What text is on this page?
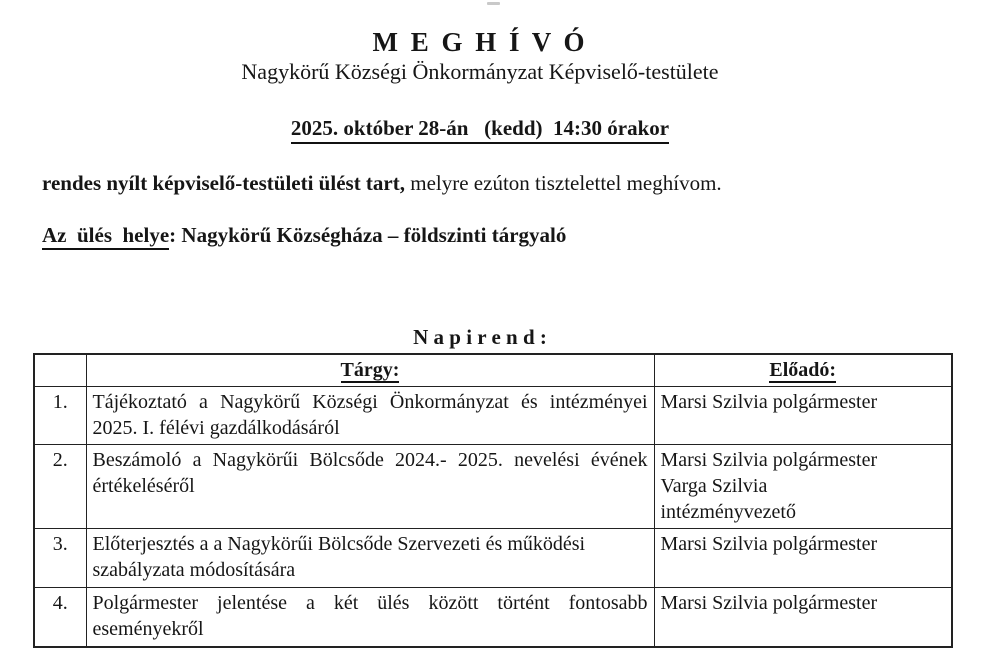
M E G H Í V Ó
Nagykörű Községi Önkormányzat Képviselő-testülete
2025. október 28-án   (kedd)  14:30 órakor
rendes nyílt képviselő-testületi ülést tart, melyre ezúton tisztelettel meghívom.
Az  ülés  helye: Nagykörű Községháza – földszinti tárgyaló
N a p i r e n d :
	Tárgy:	Előadó:
1.	Tájékoztató a Nagykörű Községi Önkormányzat és intézményei 2025. I. félévi gazdálkodásáról	Marsi Szilvia polgármester

2.	Beszámoló a Nagykörűi Bölcsőde 2024.- 2025. nevelési évének értékeléséről	Marsi Szilvia polgármester
Varga Szilvia
intézményvezető

3.	Előterjesztés a a Nagykörűi Bölcsőde Szervezeti és működési szabályzata módosítására	Marsi Szilvia polgármester

4.	Polgármester jelentése a két ülés között történt fontosabb eseményekről	Marsi Szilvia polgármester
